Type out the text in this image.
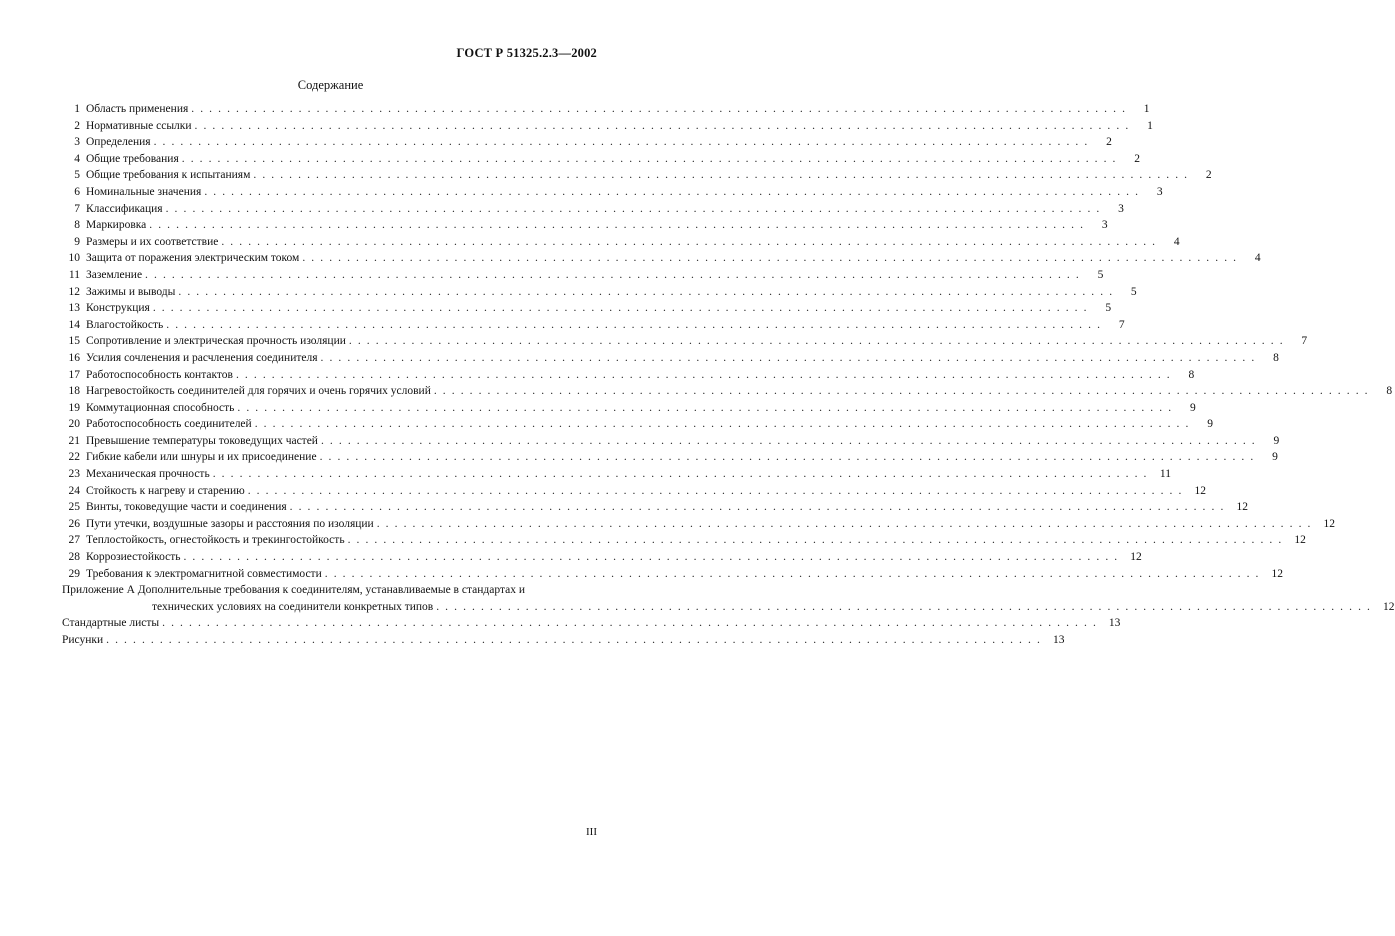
ГОСТ Р 51325.2.3—2002
Содержание
1 Область применения . . . . . . . . . . . . . . . . . . . . . . . . . . . . . . . . . . . . . . . . . . . . . . . . . . . . . . . . . . . . . . . . . . . . . . . . . . . . . . . . . . . . . . . . . . . . . . . . . . . . . . . . .	1
2 Нормативные ссылки . . . . . . . . . . . . . . . . . . . . . . . . . . . . . . . . . . . . . . . . . . . . . . . . . . . . . . . . . . . . . . . . . . . . . . . . . . . . . . . . . . . . . . . . . . . . . . . . . . . . . . . . .	1
3 Определения . . . . . . . . . . . . . . . . . . . . . . . . . . . . . . . . . . . . . . . . . . . . . . . . . . . . . . . . . . . . . . . . . . . . . . . . . . . . . . . . . . . . . . . . . . . . . . . . . . . . . . . . .	2
4 Общие требования . . . . . . . . . . . . . . . . . . . . . . . . . . . . . . . . . . . . . . . . . . . . . . . . . . . . . . . . . . . . . . . . . . . . . . . . . . . . . . . . . . . . . . . . . . . . . . . . . . . . . . . . .	2
5 Общие требования к испытаниям . . . . . . . . . . . . . . . . . . . . . . . . . . . . . . . . . . . . . . . . . . . . . . . . . . . . . . . . . . . . . . . . . . . . . . . . . . . . . . . . . . . . . . . . . . . . . . . . . . . . . . . . .	2
6 Номинальные значения . . . . . . . . . . . . . . . . . . . . . . . . . . . . . . . . . . . . . . . . . . . . . . . . . . . . . . . . . . . . . . . . . . . . . . . . . . . . . . . . . . . . . . . . . . . . . . . . . . . . . . . . .	3
7 Классификация . . . . . . . . . . . . . . . . . . . . . . . . . . . . . . . . . . . . . . . . . . . . . . . . . . . . . . . . . . . . . . . . . . . . . . . . . . . . . . . . . . . . . . . . . . . . . . . . . . . . . . . . .	3
8 Маркировка . . . . . . . . . . . . . . . . . . . . . . . . . . . . . . . . . . . . . . . . . . . . . . . . . . . . . . . . . . . . . . . . . . . . . . . . . . . . . . . . . . . . . . . . . . . . . . . . . . . . . . . . .	3
9 Размеры и их соответствие . . . . . . . . . . . . . . . . . . . . . . . . . . . . . . . . . . . . . . . . . . . . . . . . . . . . . . . . . . . . . . . . . . . . . . . . . . . . . . . . . . . . . . . . . . . . . . . . . . . . . . . . .	4
10 Защита от поражения электрическим током . . . . . . . . . . . . . . . . . . . . . . . . . . . . . . . . . . . . . . . . . . . . . . . . . . . . . . . . . . . . . . . . . . . . . . . . . . . . . . . . . . . . . . . . . . . . . . . . . . . . . . . . .	4
11 Заземление . . . . . . . . . . . . . . . . . . . . . . . . . . . . . . . . . . . . . . . . . . . . . . . . . . . . . . . . . . . . . . . . . . . . . . . . . . . . . . . . . . . . . . . . . . . . . . . . . . . . . . . . .	5
12 Зажимы и выводы . . . . . . . . . . . . . . . . . . . . . . . . . . . . . . . . . . . . . . . . . . . . . . . . . . . . . . . . . . . . . . . . . . . . . . . . . . . . . . . . . . . . . . . . . . . . . . . . . . . . . . . . .	5
13 Конструкция . . . . . . . . . . . . . . . . . . . . . . . . . . . . . . . . . . . . . . . . . . . . . . . . . . . . . . . . . . . . . . . . . . . . . . . . . . . . . . . . . . . . . . . . . . . . . . . . . . . . . . . . .	5
14 Влагостойкость . . . . . . . . . . . . . . . . . . . . . . . . . . . . . . . . . . . . . . . . . . . . . . . . . . . . . . . . . . . . . . . . . . . . . . . . . . . . . . . . . . . . . . . . . . . . . . . . . . . . . . . . .	7
15 Сопротивление и электрическая прочность изоляции . . . . . . . . . . . . . . . . . . . . . . . . . . . . . . . . . . . . . . . . . . . . . . . . . . . . . . . . . . . . . . . . . . . . . . . . . . . . . . . . . . . . . . . . . . . . . . . . . . . . . . . . .	7
16 Усилия сочленения и расчленения соединителя . . . . . . . . . . . . . . . . . . . . . . . . . . . . . . . . . . . . . . . . . . . . . . . . . . . . . . . . . . . . . . . . . . . . . . . . . . . . . . . . . . . . . . . . . . . . . . . . . . . . . . . . .	8
17 Работоспособность контактов . . . . . . . . . . . . . . . . . . . . . . . . . . . . . . . . . . . . . . . . . . . . . . . . . . . . . . . . . . . . . . . . . . . . . . . . . . . . . . . . . . . . . . . . . . . . . . . . . . . . . . . . .	8
18 Нагревостойкость соединителей для горячих и очень горячих условий . . . . . . . . . . . . . . . . . . . . . . . . . . . . . . . . . . . . . . . . . . . . . . . . . . . . . . . . . . . . . . . . . . . . . . . . . . . . . . . . . . . . . . . . . . . . . . . . . . . . . . . . .	8
19 Коммутационная способность . . . . . . . . . . . . . . . . . . . . . . . . . . . . . . . . . . . . . . . . . . . . . . . . . . . . . . . . . . . . . . . . . . . . . . . . . . . . . . . . . . . . . . . . . . . . . . . . . . . . . . . . .	9
20 Работоспособность соединителей . . . . . . . . . . . . . . . . . . . . . . . . . . . . . . . . . . . . . . . . . . . . . . . . . . . . . . . . . . . . . . . . . . . . . . . . . . . . . . . . . . . . . . . . . . . . . . . . . . . . . . . . .	9
21 Превышение температуры токоведущих частей . . . . . . . . . . . . . . . . . . . . . . . . . . . . . . . . . . . . . . . . . . . . . . . . . . . . . . . . . . . . . . . . . . . . . . . . . . . . . . . . . . . . . . . . . . . . . . . . . . . . . . . . .	9
22 Гибкие кабели или шнуры и их присоединение . . . . . . . . . . . . . . . . . . . . . . . . . . . . . . . . . . . . . . . . . . . . . . . . . . . . . . . . . . . . . . . . . . . . . . . . . . . . . . . . . . . . . . . . . . . . . . . . . . . . . . . . .	9
23 Механическая прочность . . . . . . . . . . . . . . . . . . . . . . . . . . . . . . . . . . . . . . . . . . . . . . . . . . . . . . . . . . . . . . . . . . . . . . . . . . . . . . . . . . . . . . . . . . . . . . . . . . . . . . . . .	11
24 Стойкость к нагреву и старению . . . . . . . . . . . . . . . . . . . . . . . . . . . . . . . . . . . . . . . . . . . . . . . . . . . . . . . . . . . . . . . . . . . . . . . . . . . . . . . . . . . . . . . . . . . . . . . . . . . . . . . . .	12
25 Винты, токоведущие части и соединения . . . . . . . . . . . . . . . . . . . . . . . . . . . . . . . . . . . . . . . . . . . . . . . . . . . . . . . . . . . . . . . . . . . . . . . . . . . . . . . . . . . . . . . . . . . . . . . . . . . . . . . . .	12
26 Пути утечки, воздушные зазоры и расстояния по изоляции . . . . . . . . . . . . . . . . . . . . . . . . . . . . . . . . . . . . . . . . . . . . . . . . . . . . . . . . . . . . . . . . . . . . . . . . . . . . . . . . . . . . . . . . . . . . . . . . . . . . . . . . .	12
27 Теплостойкость, огнестойкость и трекингостойкость . . . . . . . . . . . . . . . . . . . . . . . . . . . . . . . . . . . . . . . . . . . . . . . . . . . . . . . . . . . . . . . . . . . . . . . . . . . . . . . . . . . . . . . . . . . . . . . . . . . . . . . . .	12
28 Коррозиестойкость . . . . . . . . . . . . . . . . . . . . . . . . . . . . . . . . . . . . . . . . . . . . . . . . . . . . . . . . . . . . . . . . . . . . . . . . . . . . . . . . . . . . . . . . . . . . . . . . . . . . . . . . .	12
29 Требования к электромагнитной совместимости . . . . . . . . . . . . . . . . . . . . . . . . . . . . . . . . . . . . . . . . . . . . . . . . . . . . . . . . . . . . . . . . . . . . . . . . . . . . . . . . . . . . . . . . . . . . . . . . . . . . . . . . .	12
Приложение А Дополнительные требования к соединителям, устанавливаемые в стандартах и
технических условиях на соединители конкретных типов . . . . . . . . . . . . . . . . . . . . . . . . . . . . . . . . . . . . . . . . . . . . . . . . . . . . . . . . . . . . . . . . . . . . . . . . . . . . . . . . . . . . . . . . . . . . . . . . . . . . . . . . .	12
Стандартные листы . . . . . . . . . . . . . . . . . . . . . . . . . . . . . . . . . . . . . . . . . . . . . . . . . . . . . . . . . . . . . . . . . . . . . . . . . . . . . . . . . . . . . . . . . . . . . . . . . . . . . . . . .	13
Рисунки . . . . . . . . . . . . . . . . . . . . . . . . . . . . . . . . . . . . . . . . . . . . . . . . . . . . . . . . . . . . . . . . . . . . . . . . . . . . . . . . . . . . . . . . . . . . . . . . . . . . . . . . .	13
III
